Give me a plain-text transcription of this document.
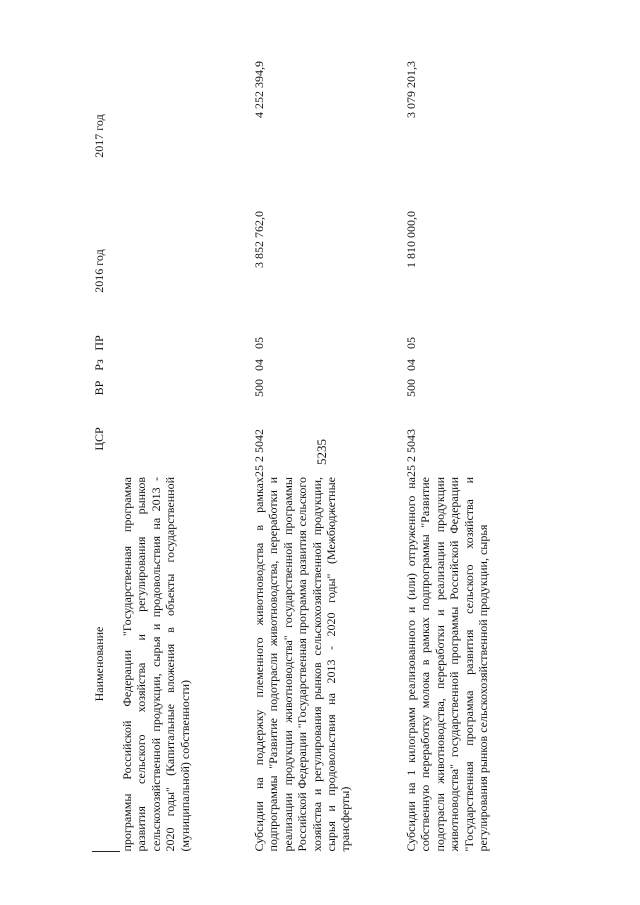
5235
Наименование	ЦСР	ВР	Рз	ПР	2016 год	2017 год
программы Российской Федерации "Государственная программа развития сельского хозяйства и регулирования рынков сельскохозяйственной продукции, сырья и продовольствия на 2013 - 2020 годы" (Капитальные вложения в объекты государственной (муниципальной) собственности)						
Субсидии на поддержку племенного животноводства в рамках подпрограммы "Развитие подотрасли животноводства, переработки и реализации продукции животноводства" государственной программы Российской Федерации "Государственная программа развития сельского хозяйства и регулирования рынков сельскохозяйственной продукции, сырья и продовольствия на 2013 - 2020 годы" (Межбюджетные трансферты)	25 2 5042	500	04	05	3 852 762,0	4 252 394,9
Субсидии на 1 килограмм реализованного и (или) отгруженного на собственную переработку молока в рамках подпрограммы "Развитие подотрасли животноводства, переработки и реализации продукции животноводства" государственной программы Российской Федерации "Государственная программа развития сельского хозяйства и регулирования рынков сельскохозяйственной продукции, сырья	25 2 5043	500	04	05	1 810 000,0	3 079 201,3
